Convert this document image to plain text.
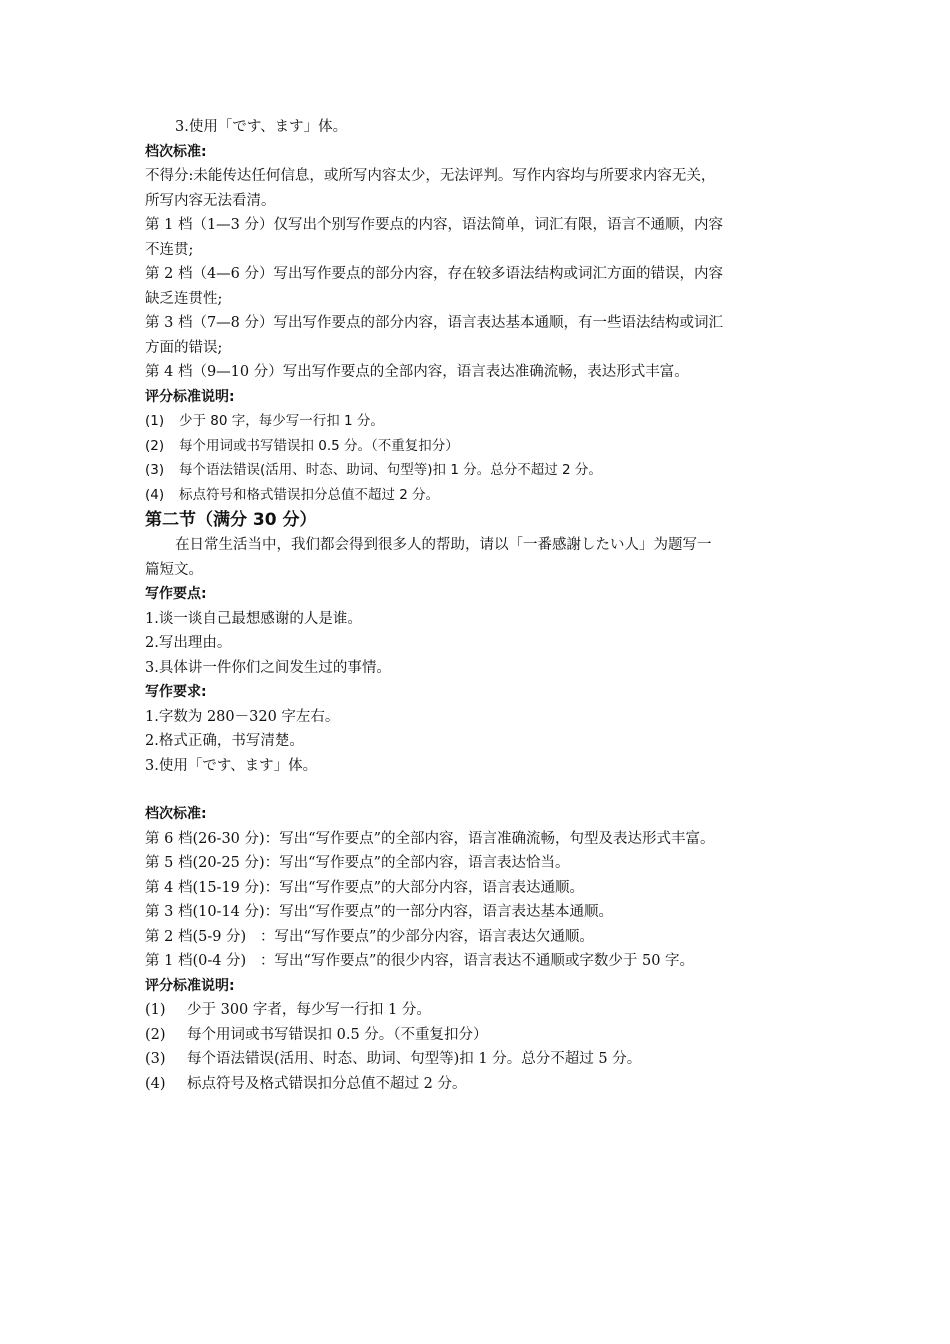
3.使用「です、ます」体。
档次标准:
不得分:未能传达任何信息，或所写内容太少，无法评判。写作内容均与所要求内容无关，
所写内容无法看清。
第 1 档（1—3 分）仅写出个别写作要点的内容，语法简单，词汇有限，语言不通顺，内容
不连贯;
第 2 档（4—6 分）写出写作要点的部分内容，存在较多语法结构或词汇方面的错误，内容
缺乏连贯性;
第 3 档（7—8 分）写出写作要点的部分内容，语言表达基本通顺，有一些语法结构或词汇
方面的错误;
第 4 档（9—10 分）写出写作要点的全部内容，语言表达准确流畅，表达形式丰富。
评分标准说明:
(1)	少于 80 字，每少写一行扣 1 分。
(2)	每个用词或书写错误扣 0.5 分。（不重复扣分）
(3)	每个语法错误(活用、时态、助词、句型等)扣 1 分。总分不超过 2 分。
(4)	标点符号和格式错误扣分总值不超过 2 分。
第二节（满分 30 分）
在日常生活当中，我们都会得到很多人的帮助，请以「一番感謝したい人」为题写一
篇短文。
写作要点:
1.谈一谈自己最想感谢的人是谁。
2.写出理由。
3.具体讲一件你们之间发生过的事情。
写作要求:
1.字数为 280－320 字左右。
2.格式正确，书写清楚。
3.使用「です、ます」体。
档次标准:
第 6 档(26-30 分)：写出“写作要点”的全部内容，语言准确流畅，句型及表达形式丰富。
第 5 档(20-25 分)：写出“写作要点”的全部内容，语言表达恰当。
第 4 档(15-19 分)：写出“写作要点”的大部分内容，语言表达通顺。
第 3 档(10-14 分)：写出“写作要点”的一部分内容，语言表达基本通顺。
第 2 档(5-9 分)   ：写出“写作要点”的少部分内容，语言表达欠通顺。
第 1 档(0-4 分)   ：写出“写作要点”的很少内容，语言表达不通顺或字数少于 50 字。
评分标准说明:
(1)	少于 300 字者，每少写一行扣 1 分。
(2)	每个用词或书写错误扣 0.5 分。（不重复扣分）
(3)	每个语法错误(活用、时态、助词、句型等)扣 1 分。总分不超过 5 分。
(4)	标点符号及格式错误扣分总值不超过 2 分。
